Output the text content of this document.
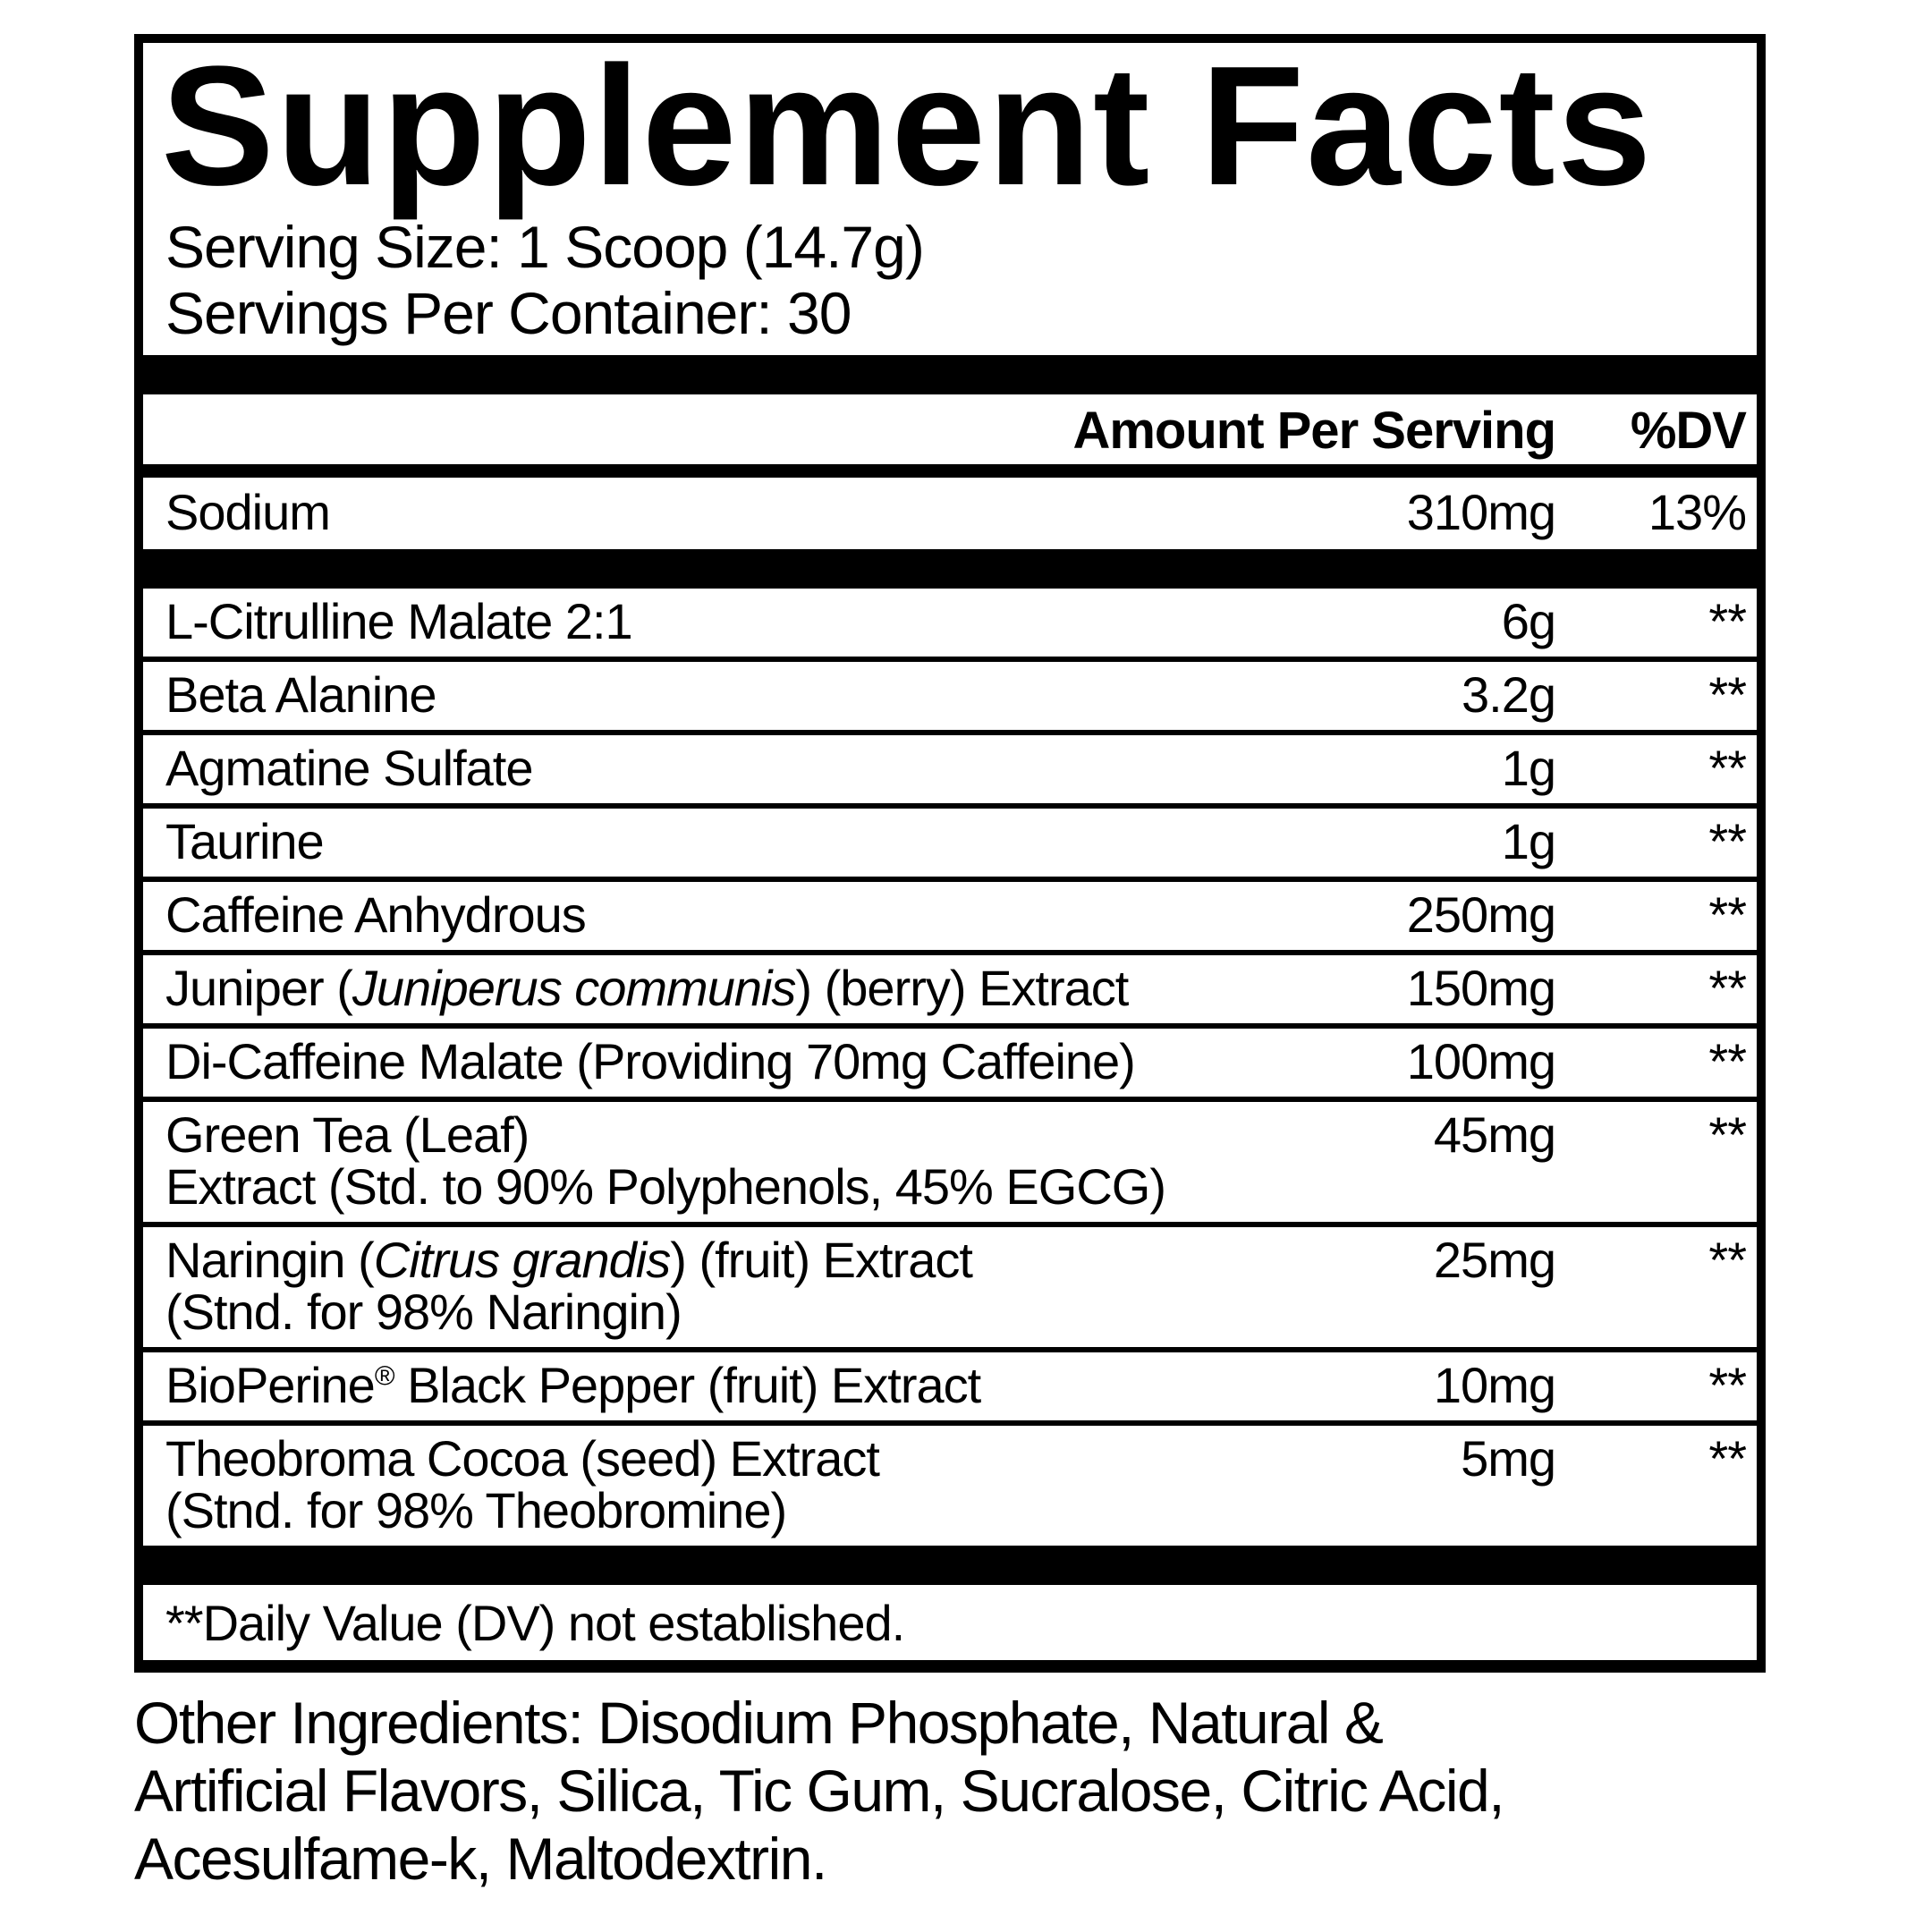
Supplement Facts
Serving Size: 1 Scoop (14.7g)
Servings Per Container: 30
Amount Per Serving	%DV
Sodium	310mg	13%
L-Citrulline Malate 2:1	6g	**
Beta Alanine	3.2g	**
Agmatine Sulfate	1g	**
Taurine	1g	**
Caffeine Anhydrous	250mg	**
Juniper (Juniperus communis) (berry) Extract	150mg	**
Di-Caffeine Malate (Providing 70mg Caffeine)	100mg	**
Green Tea (Leaf)
Extract (Std. to 90% Polyphenols, 45% EGCG)
45mg	**
Naringin (Citrus grandis) (fruit) Extract
(Stnd. for 98% Naringin)
25mg	**
BioPerine® Black Pepper (fruit) Extract	10mg	**
Theobroma Cocoa (seed) Extract
(Stnd. for 98% Theobromine)
5mg	**
**Daily Value (DV) not established.
Other Ingredients: Disodium Phosphate, Natural &
Artificial Flavors, Silica, Tic Gum, Sucralose, Citric Acid,
Acesulfame-k, Maltodextrin.
